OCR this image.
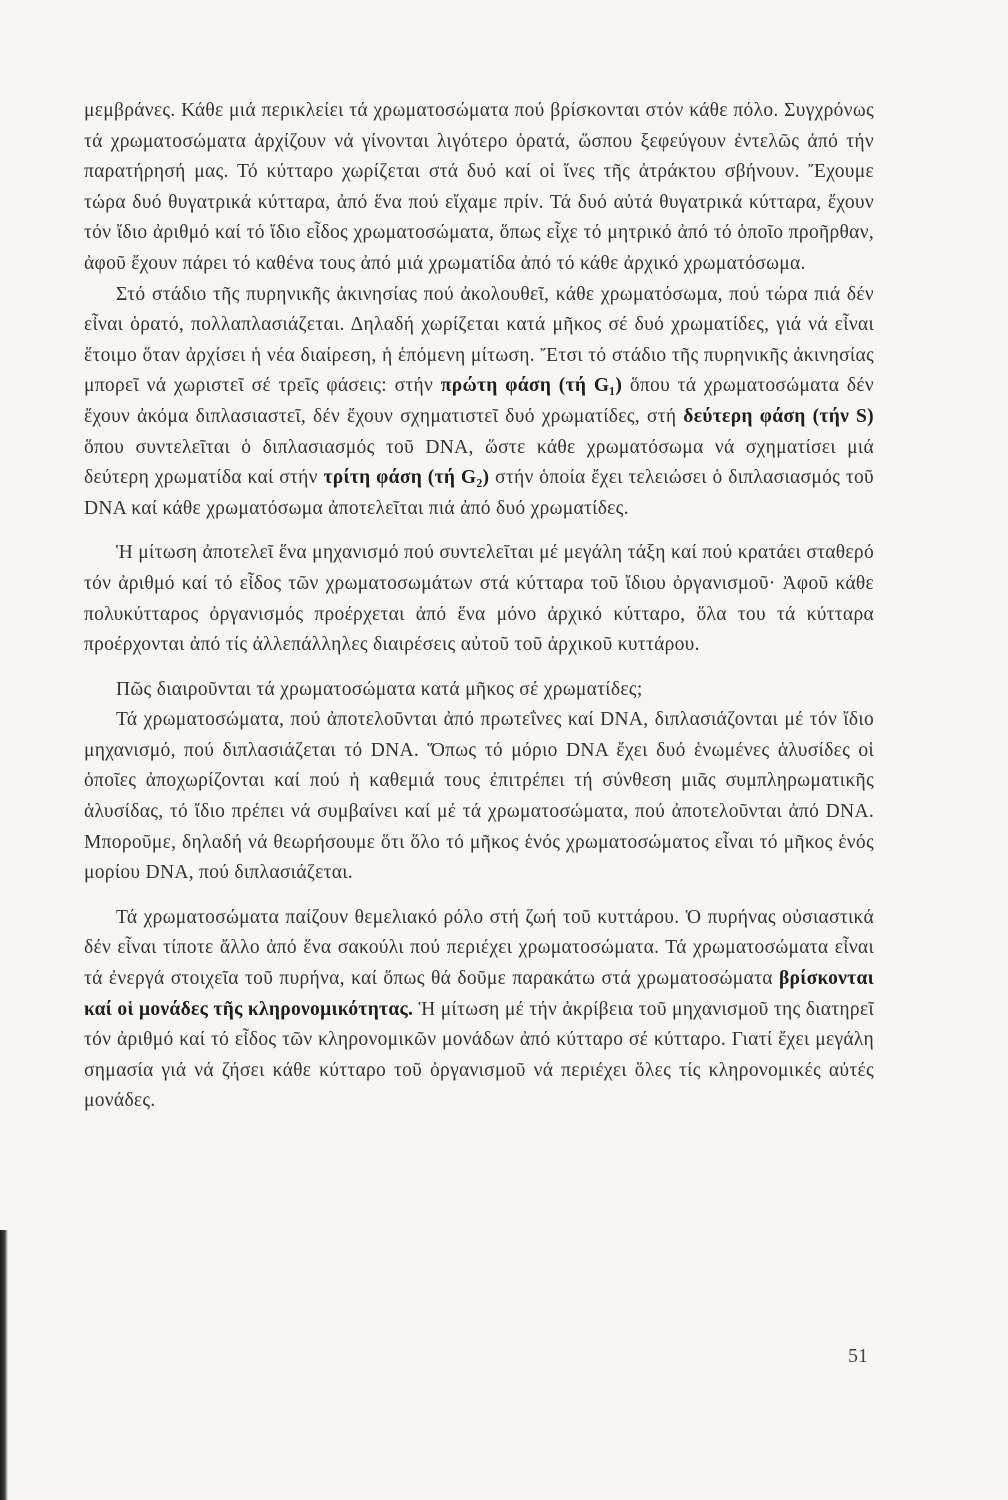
μεμβράνες. Κάθε μιά περικλείει τά χρωματοσώματα πού βρίσκονται στόν κάθε πόλο. Συγχρόνως τά χρωματοσώματα ἀρχίζουν νά γίνονται λιγότερο ὁρατά, ὥσπου ξεφεύγουν ἐντελῶς ἀπό τήν παρατήρησή μας. Τό κύτταρο χωρίζεται στά δυό καί οἱ ἴνες τῆς ἀτράκτου σβήνουν. Ἔχουμε τώρα δυό θυγατρικά κύτταρα, ἀπό ἕνα πού εἴχαμε πρίν. Τά δυό αὐτά θυγατρικά κύτταρα, ἔχουν τόν ἴδιο ἀριθμό καί τό ἴδιο εἶδος χρωματοσώματα, ὅπως εἶχε τό μητρικό ἀπό τό ὁποῖο προῆρθαν, ἀφοῦ ἔχουν πάρει τό καθένα τους ἀπό μιά χρωματίδα ἀπό τό κάθε ἀρχικό χρωματόσωμα.

Στό στάδιο τῆς πυρηνικῆς ἀκινησίας πού ἀκολουθεῖ, κάθε χρωματόσωμα, πού τώρα πιά δέν εἶναι ὁρατό, πολλαπλασιάζεται. Δηλαδή χωρίζεται κατά μῆκος σέ δυό χρωματίδες, γιά νά εἶναι ἕτοιμο ὅταν ἀρχίσει ἡ νέα διαίρεση, ἡ ἑπόμενη μίτωση. Ἔτσι τό στάδιο τῆς πυρηνικῆς ἀκινησίας μπορεῖ νά χωριστεῖ σέ τρεῖς φάσεις: στήν πρώτη φάση (τή G₁) ὅπου τά χρωματοσώματα δέν ἔχουν ἀκόμα διπλασιαστεῖ, δέν ἔχουν σχηματιστεῖ δυό χρωματίδες, στή δεύτερη φάση (τήν S) ὅπου συντελεῖται ὁ διπλασιασμός τοῦ DNA, ὥστε κάθε χρωματόσωμα νά σχηματίσει μιά δεύτερη χρωματίδα καί στήν τρίτη φάση (τή G₂) στήν ὁποία ἔχει τελειώσει ὁ διπλασιασμός τοῦ DNA καί κάθε χρωματόσωμα ἀποτελεῖται πιά ἀπό δυό χρωματίδες.

Ἡ μίτωση ἀποτελεῖ ἕνα μηχανισμό πού συντελεῖται μέ μεγάλη τάξη καί πού κρατάει σταθερό τόν ἀριθμό καί τό εἶδος τῶν χρωματοσωμάτων στά κύτταρα τοῦ ἴδιου ὀργανισμοῦ· Ἀφοῦ κάθε πολυκύτταρος ὀργανισμός προέρχεται ἀπό ἕνα μόνο ἀρχικό κύτταρο, ὅλα του τά κύτταρα προέρχονται ἀπό τίς ἀλλεπάλληλες διαιρέσεις αὐτοῦ τοῦ ἀρχικοῦ κυττάρου.

Πῶς διαιροῦνται τά χρωματοσώματα κατά μῆκος σέ χρωματίδες;

Τά χρωματοσώματα, πού ἀποτελοῦνται ἀπό πρωτεΐνες καί DNA, διπλασιάζονται μέ τόν ἴδιο μηχανισμό, πού διπλασιάζεται τό DNA. Ὅπως τό μόριο DNA ἔχει δυό ἑνωμένες ἁλυσίδες οἱ ὁποῖες ἀποχωρίζονται καί πού ἡ καθεμιά τους ἐπιτρέπει τή σύνθεση μιᾶς συμπληρωματικῆς ἁλυσίδας, τό ἴδιο πρέπει νά συμβαίνει καί μέ τά χρωματοσώματα, πού ἀποτελοῦνται ἀπό DNA. Μποροῦμε, δηλαδή νά θεωρήσουμε ὅτι ὅλο τό μῆκος ἑνός χρωματοσώματος εἶναι τό μῆκος ἑνός μορίου DNA, πού διπλασιάζεται.

Τά χρωματοσώματα παίζουν θεμελιακό ρόλο στή ζωή τοῦ κυττάρου. Ὁ πυρήνας οὐσιαστικά δέν εἶναι τίποτε ἄλλο ἀπό ἕνα σακούλι πού περιέχει χρωματοσώματα. Τά χρωματοσώματα εἶναι τά ἐνεργά στοιχεῖα τοῦ πυρήνα, καί ὅπως θά δοῦμε παρακάτω στά χρωματοσώματα βρίσκονται καί οἱ μονάδες τῆς κληρονομικότητας. Ἡ μίτωση μέ τήν ἀκρίβεια τοῦ μηχανισμοῦ της διατηρεῖ τόν ἀριθμό καί τό εἶδος τῶν κληρονομικῶν μονάδων ἀπό κύτταρο σέ κύτταρο. Γιατί ἔχει μεγάλη σημασία γιά νά ζήσει κάθε κύτταρο τοῦ ὀργανισμοῦ νά περιέχει ὅλες τίς κληρονομικές αὐτές μονάδες.

51
